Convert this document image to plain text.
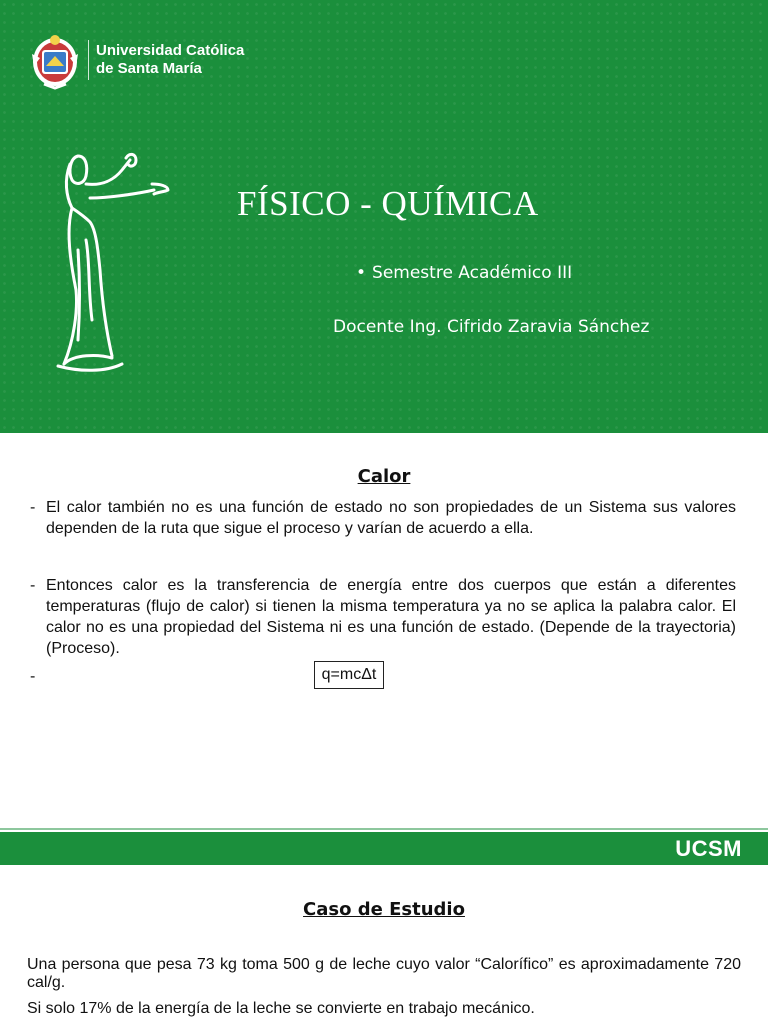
Universidad Católica
de Santa María
FÍSICO - QUÍMICA
• Semestre Académico III
Docente Ing. Cifrido Zaravia Sánchez
Calor
- El calor también no es una función de estado no son propiedades de un Sistema sus valores dependen de la ruta que sigue el proceso y varían de acuerdo a ella.
- Entonces calor es la transferencia de energía entre dos cuerpos que están a diferentes temperaturas (flujo de calor) si tienen la misma temperatura ya no se aplica la palabra calor. El calor no es una propiedad del Sistema ni es una función de estado. (Depende de la trayectoria) (Proceso).
-	q=mcΔt
UCSM
Caso de Estudio
Una persona que pesa 73 kg toma 500 g de leche cuyo valor “Calorífico” es aproximadamente 720 cal/g.
Si solo 17% de la energía de la leche se convierte en trabajo mecánico.
